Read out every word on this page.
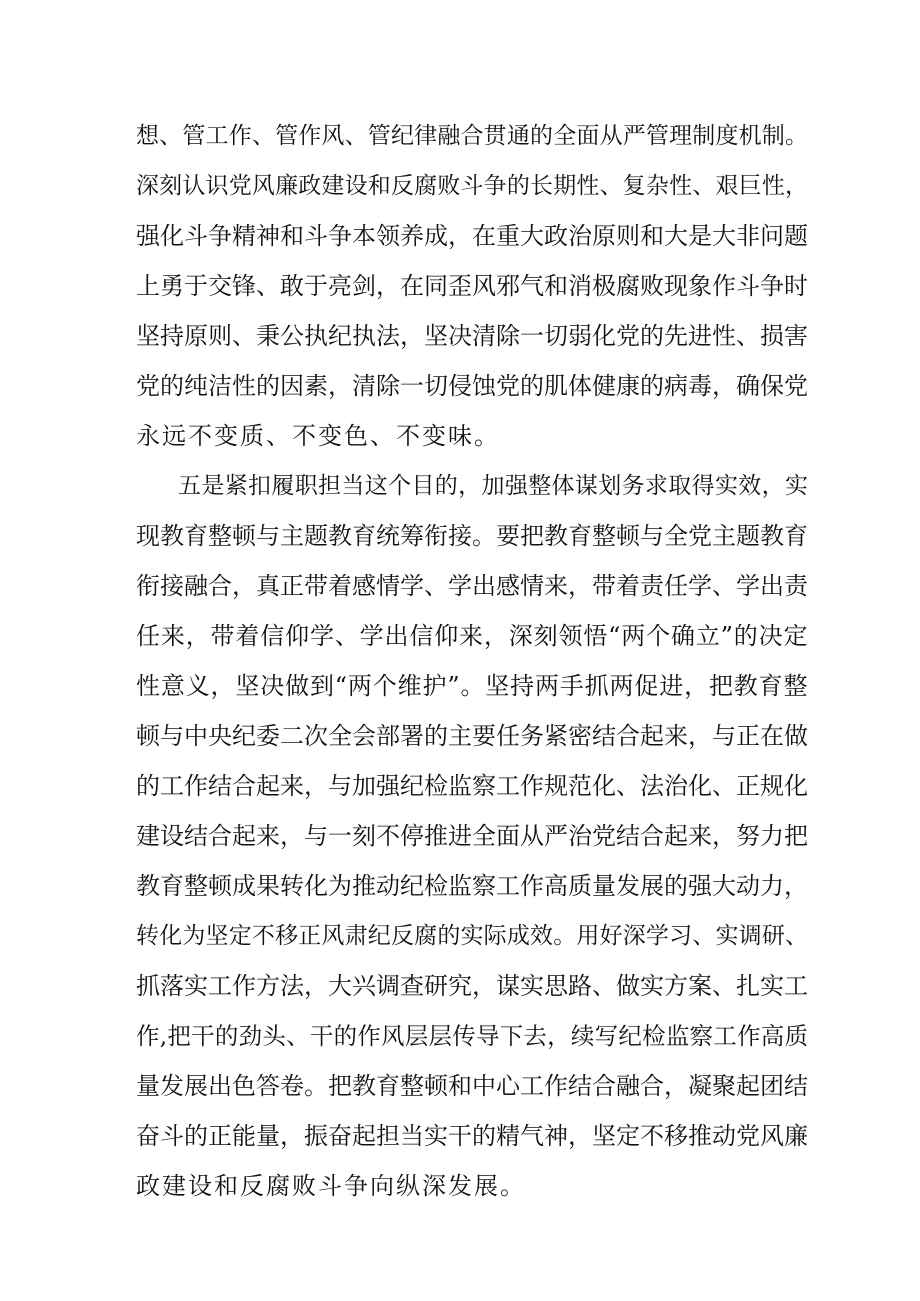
想、管工作、管作风、管纪律融合贯通的全面从严管理制度机制。
深刻认识党风廉政建设和反腐败斗争的长期性、复杂性、艰巨性，
强化斗争精神和斗争本领养成，在重大政治原则和大是大非问题
上勇于交锋、敢于亮剑，在同歪风邪气和消极腐败现象作斗争时
坚持原则、秉公执纪执法，坚决清除一切弱化党的先进性、损害
党的纯洁性的因素，清除一切侵蚀党的肌体健康的病毒，确保党
永远不变质、不变色、不变味。
五是紧扣履职担当这个目的，加强整体谋划务求取得实效，实
现教育整顿与主题教育统筹衔接。要把教育整顿与全党主题教育
衔接融合，真正带着感情学、学出感情来，带着责任学、学出责
任来，带着信仰学、学出信仰来，深刻领悟“两个确立”的决定
性意义，坚决做到“两个维护”。坚持两手抓两促进，把教育整
顿与中央纪委二次全会部署的主要任务紧密结合起来，与正在做
的工作结合起来，与加强纪检监察工作规范化、法治化、正规化
建设结合起来，与一刻不停推进全面从严治党结合起来，努力把
教育整顿成果转化为推动纪检监察工作高质量发展的强大动力，
转化为坚定不移正风肃纪反腐的实际成效。用好深学习、实调研、
抓落实工作方法，大兴调查研究，谋实思路、做实方案、扎实工
作,把干的劲头、干的作风层层传导下去，续写纪检监察工作高质
量发展出色答卷。把教育整顿和中心工作结合融合，凝聚起团结
奋斗的正能量，振奋起担当实干的精气神，坚定不移推动党风廉
政建设和反腐败斗争向纵深发展。
